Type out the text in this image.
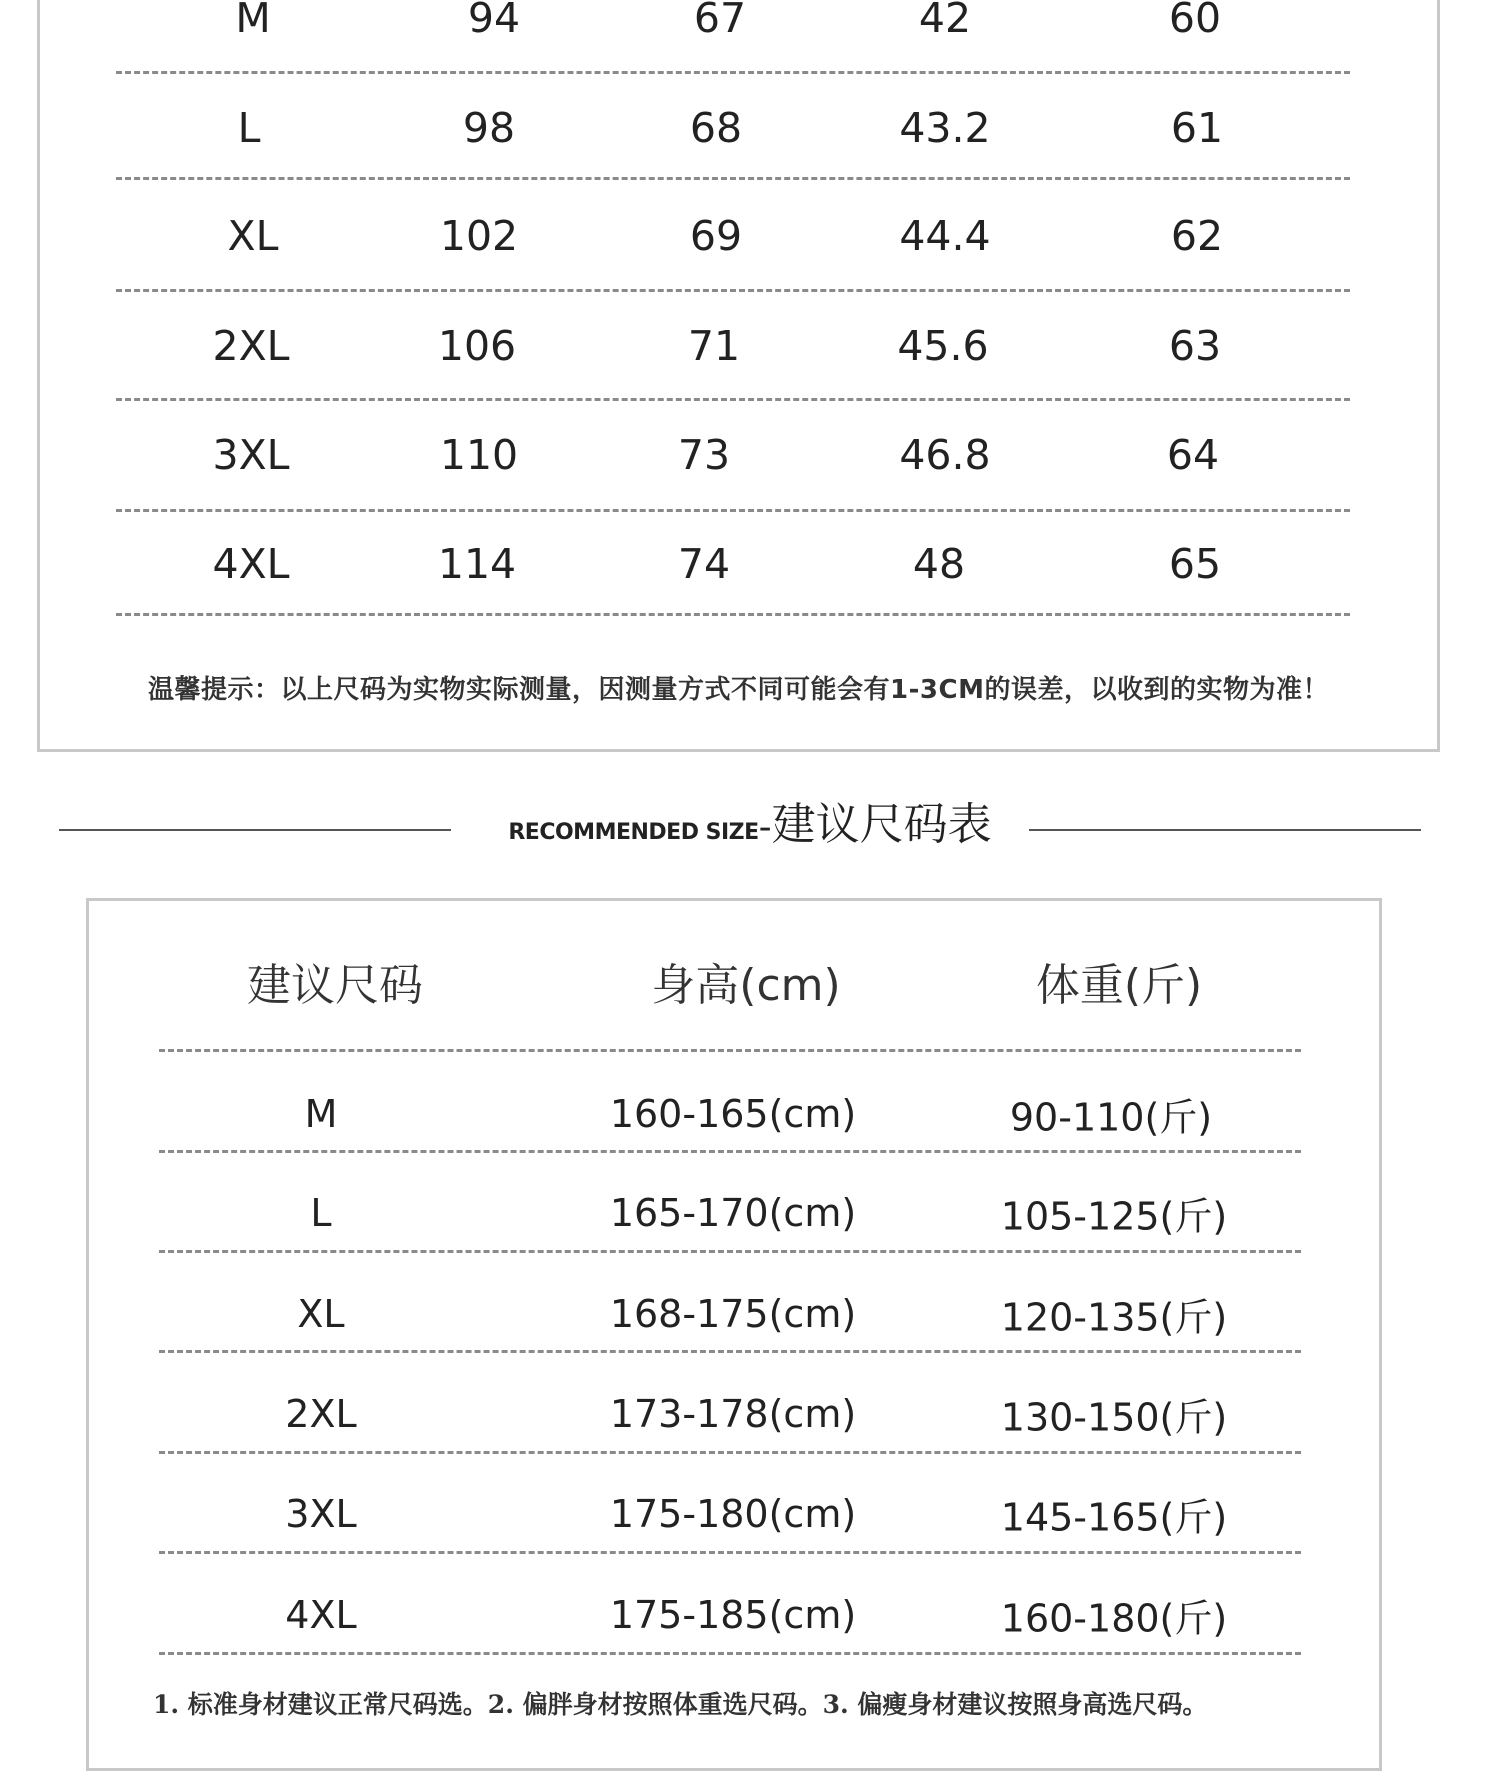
M	94	67	42	60
L	98	68	43.2	61
XL	102	69	44.4	62
2XL	106	71	45.6	63
3XL	110	73	46.8	64
4XL	114	74	48	65
温馨提示：以上尺码为实物实际测量，因测量方式不同可能会有1-3CM的误差，以收到的实物为准！
RECOMMENDED SIZE-建议尺码表
建议尺码	身高(cm)	体重(斤)
M	160-165(cm)	90-110(斤)
L	165-170(cm)	105-125(斤)
XL	168-175(cm)	120-135(斤)
2XL	173-178(cm)	130-150(斤)
3XL	175-180(cm)	145-165(斤)
4XL	175-185(cm)	160-180(斤)
1. 标准身材建议正常尺码选。2. 偏胖身材按照体重选尺码。3. 偏瘦身材建议按照身高选尺码。
